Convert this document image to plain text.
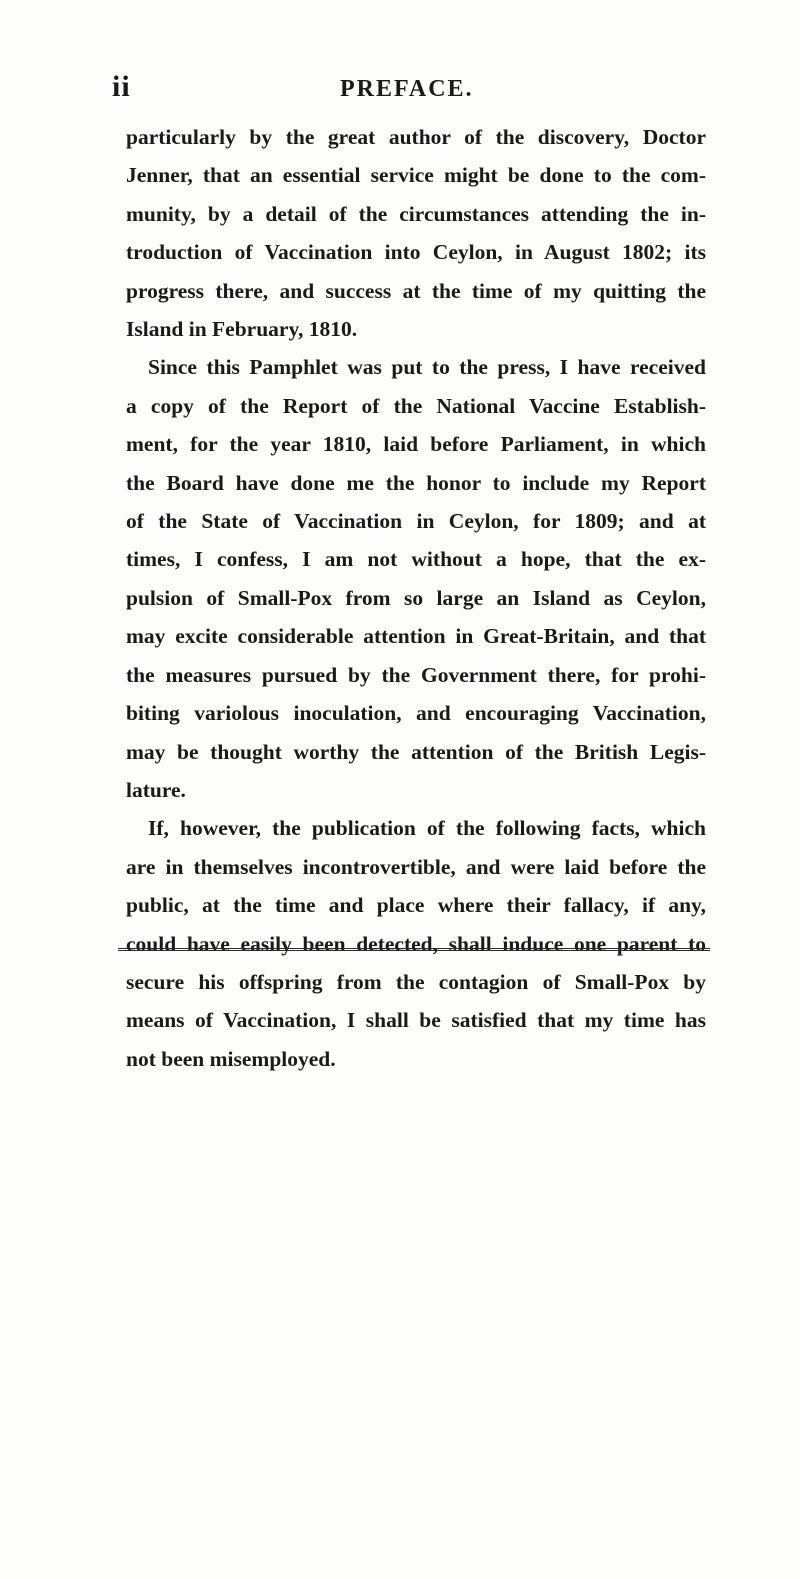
ii	PREFACE.

particularly by the great author of the discovery, Doctor
Jenner, that an essential service might be done to the com-
munity, by a detail of the circumstances attending the in-
troduction of Vaccination into Ceylon, in August 1802; its
progress there, and success at the time of my quitting the
Island in February, 1810.

Since this Pamphlet was put to the press, I have received
a copy of the Report of the National Vaccine Establish-
ment, for the year 1810, laid before Parliament, in which
the Board have done me the honor to include my Report
of the State of Vaccination in Ceylon, for 1809; and at
times, I confess, I am not without a hope, that the ex-
pulsion of Small-Pox from so large an Island as Ceylon,
may excite considerable attention in Great-Britain, and that
the measures pursued by the Government there, for prohi-
biting variolous inoculation, and encouraging Vaccination,
may be thought worthy the attention of the British Legis-
lature.

If, however, the publication of the following facts, which
are in themselves incontrovertible, and were laid before the
public, at the time and place where their fallacy, if any,
could have easily been detected, shall induce one parent to
secure his offspring from the contagion of Small-Pox by
means of Vaccination, I shall be satisfied that my time has
not been misemployed.
